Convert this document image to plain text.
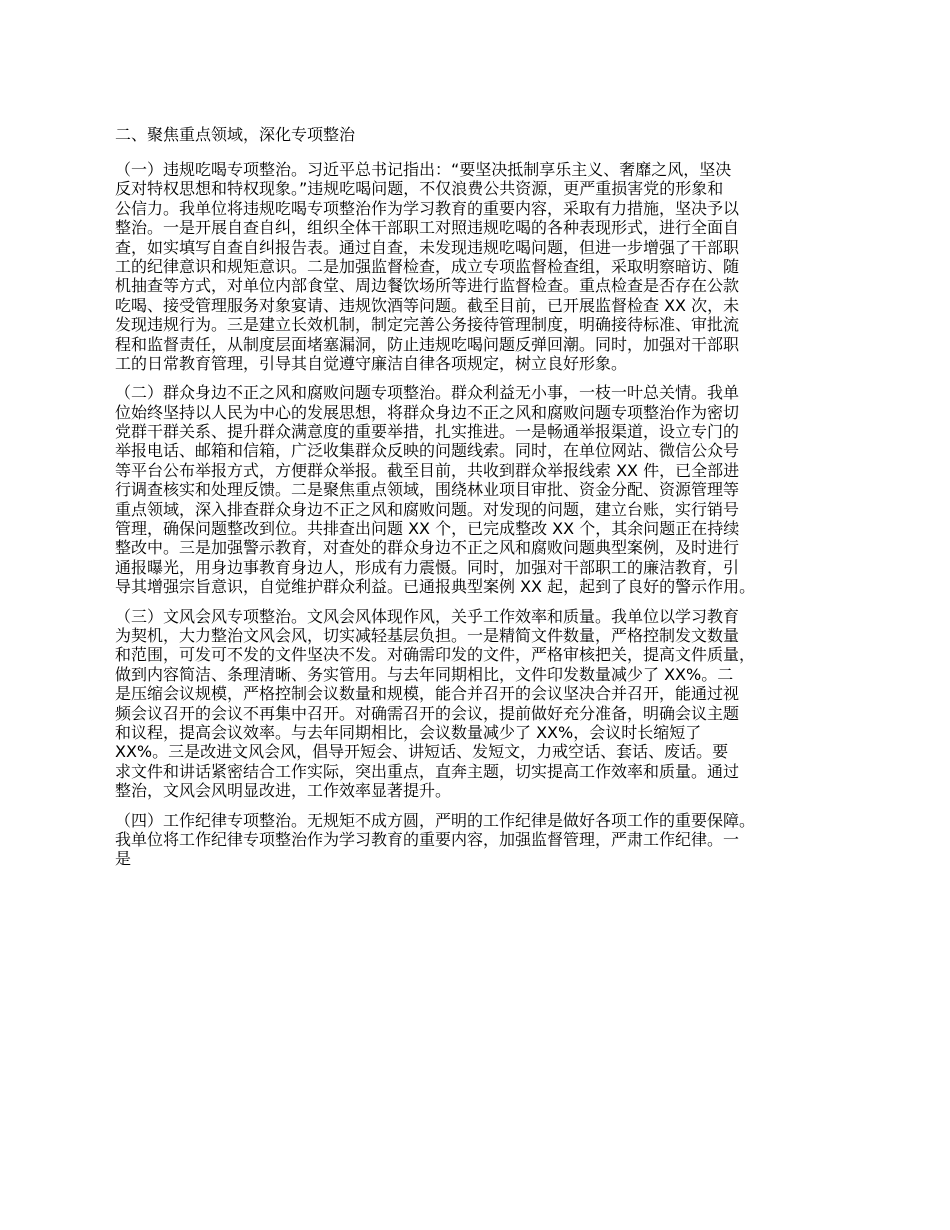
二、聚焦重点领域，深化专项整治
（一）违规吃喝专项整治。习近平总书记指出：“要坚决抵制享乐主义、奢靡之风，坚决
反对特权思想和特权现象。”违规吃喝问题，不仅浪费公共资源，更严重损害党的形象和
公信力。我单位将违规吃喝专项整治作为学习教育的重要内容，采取有力措施，坚决予以
整治。一是开展自查自纠，组织全体干部职工对照违规吃喝的各种表现形式，进行全面自
查，如实填写自查自纠报告表。通过自查，未发现违规吃喝问题，但进一步增强了干部职
工的纪律意识和规矩意识。二是加强监督检查，成立专项监督检查组，采取明察暗访、随
机抽查等方式，对单位内部食堂、周边餐饮场所等进行监督检查。重点检查是否存在公款
吃喝、接受管理服务对象宴请、违规饮酒等问题。截至目前，已开展监督检查 XX 次，未
发现违规行为。三是建立长效机制，制定完善公务接待管理制度，明确接待标准、审批流
程和监督责任，从制度层面堵塞漏洞，防止违规吃喝问题反弹回潮。同时，加强对干部职
工的日常教育管理，引导其自觉遵守廉洁自律各项规定，树立良好形象。
（二）群众身边不正之风和腐败问题专项整治。群众利益无小事，一枝一叶总关情。我单
位始终坚持以人民为中心的发展思想，将群众身边不正之风和腐败问题专项整治作为密切
党群干群关系、提升群众满意度的重要举措，扎实推进。一是畅通举报渠道，设立专门的
举报电话、邮箱和信箱，广泛收集群众反映的问题线索。同时，在单位网站、微信公众号
等平台公布举报方式，方便群众举报。截至目前，共收到群众举报线索 XX 件，已全部进
行调查核实和处理反馈。二是聚焦重点领域，围绕林业项目审批、资金分配、资源管理等
重点领域，深入排查群众身边不正之风和腐败问题。对发现的问题，建立台账，实行销号
管理，确保问题整改到位。共排查出问题 XX 个，已完成整改 XX 个，其余问题正在持续
整改中。三是加强警示教育，对查处的群众身边不正之风和腐败问题典型案例，及时进行
通报曝光，用身边事教育身边人，形成有力震慑。同时，加强对干部职工的廉洁教育，引
导其增强宗旨意识，自觉维护群众利益。已通报典型案例 XX 起，起到了良好的警示作用。
（三）文风会风专项整治。文风会风体现作风，关乎工作效率和质量。我单位以学习教育
为契机，大力整治文风会风，切实减轻基层负担。一是精简文件数量，严格控制发文数量
和范围，可发可不发的文件坚决不发。对确需印发的文件，严格审核把关，提高文件质量，
做到内容简洁、条理清晰、务实管用。与去年同期相比，文件印发数量减少了 XX%。二
是压缩会议规模，严格控制会议数量和规模，能合并召开的会议坚决合并召开，能通过视
频会议召开的会议不再集中召开。对确需召开的会议，提前做好充分准备，明确会议主题
和议程，提高会议效率。与去年同期相比，会议数量减少了 XX%，会议时长缩短了
XX%。三是改进文风会风，倡导开短会、讲短话、发短文，力戒空话、套话、废话。要
求文件和讲话紧密结合工作实际，突出重点，直奔主题，切实提高工作效率和质量。通过
整治，文风会风明显改进，工作效率显著提升。
（四）工作纪律专项整治。无规矩不成方圆，严明的工作纪律是做好各项工作的重要保障。
我单位将工作纪律专项整治作为学习教育的重要内容，加强监督管理，严肃工作纪律。一
是
